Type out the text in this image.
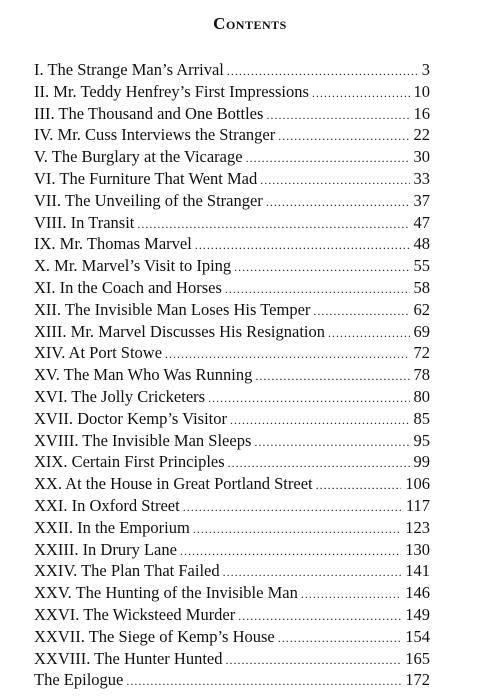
Contents
I. The Strange Man’s Arrival .....	3
II. Mr. Teddy Henfrey’s First Impressions .....	10
III. The Thousand and One Bottles .....	16
IV. Mr. Cuss Interviews the Stranger .....	22
V. The Burglary at the Vicarage .....	30
VI. The Furniture That Went Mad .....	33
VII. The Unveiling of the Stranger .....	37
VIII. In Transit .....	47
IX. Mr. Thomas Marvel .....	48
X. Mr. Marvel’s Visit to Iping .....	55
XI. In the Coach and Horses .....	58
XII. The Invisible Man Loses His Temper .....	62
XIII. Mr. Marvel Discusses His Resignation .....	69
XIV. At Port Stowe .....	72
XV. The Man Who Was Running .....	78
XVI. The Jolly Cricketers .....	80
XVII. Doctor Kemp’s Visitor .....	85
XVIII. The Invisible Man Sleeps .....	95
XIX. Certain First Principles .....	99
XX. At the House in Great Portland Street .....	106
XXI. In Oxford Street .....	117
XXII. In the Emporium .....	123
XXIII. In Drury Lane .....	130
XXIV. The Plan That Failed .....	141
XXV. The Hunting of the Invisible Man .....	146
XXVI. The Wicksteed Murder .....	149
XXVII. The Siege of Kemp’s House .....	154
XXVIII. The Hunter Hunted .....	165
The Epilogue .....	172
